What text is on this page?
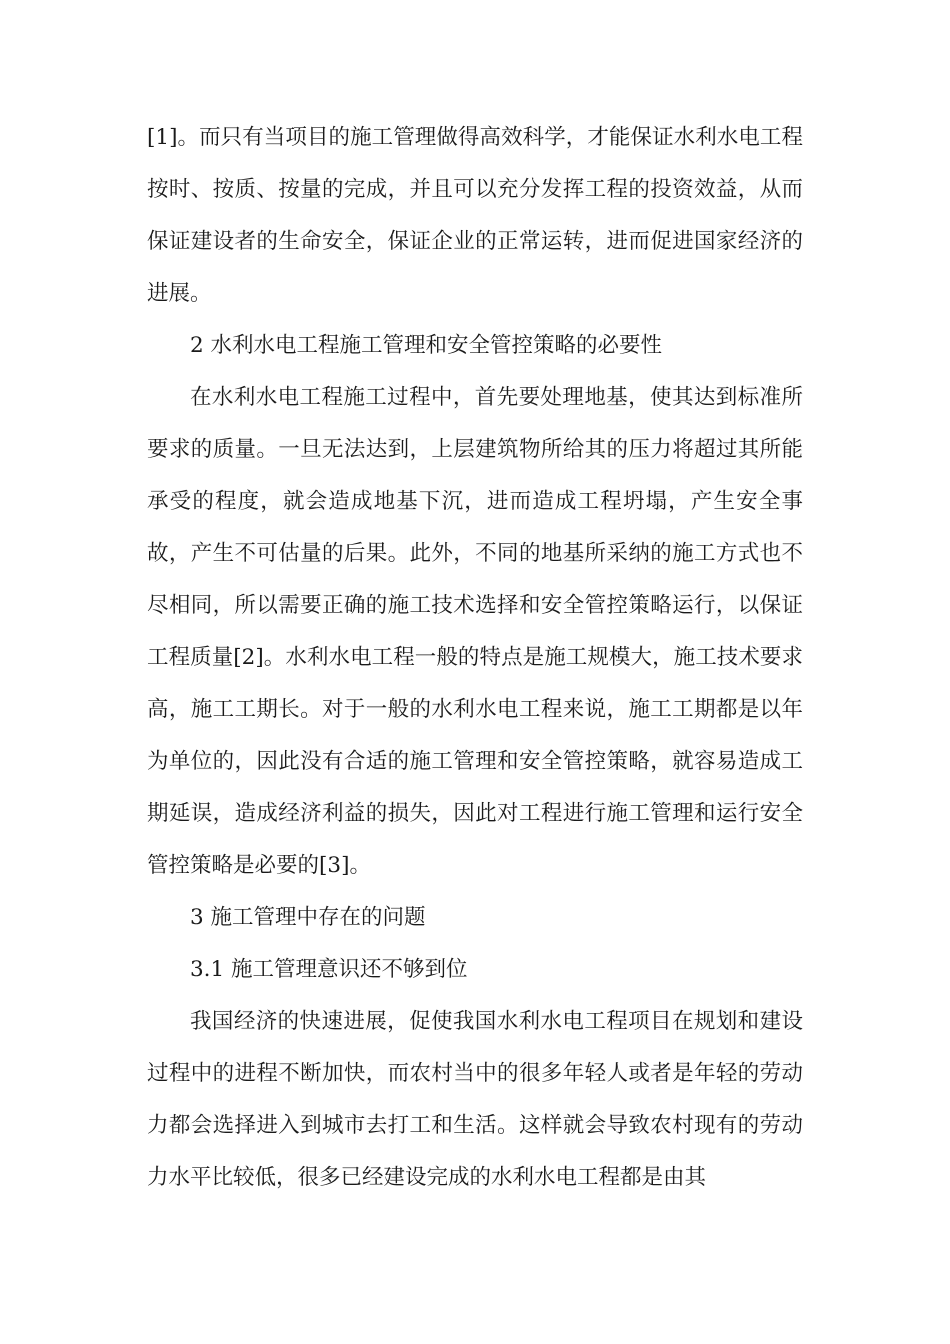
[1]。而只有当项目的施工管理做得高效科学，才能保证水利水电工程按时、按质、按量的完成，并且可以充分发挥工程的投资效益，从而保证建设者的生命安全，保证企业的正常运转，进而促进国家经济的进展。

2 水利水电工程施工管理和安全管控策略的必要性

在水利水电工程施工过程中，首先要处理地基，使其达到标准所要求的质量。一旦无法达到，上层建筑物所给其的压力将超过其所能承受的程度，就会造成地基下沉，进而造成工程坍塌，产生安全事故，产生不可估量的后果。此外，不同的地基所采纳的施工方式也不尽相同，所以需要正确的施工技术选择和安全管控策略运行，以保证工程质量[2]。水利水电工程一般的特点是施工规模大，施工技术要求高，施工工期长。对于一般的水利水电工程来说，施工工期都是以年为单位的，因此没有合适的施工管理和安全管控策略，就容易造成工期延误，造成经济利益的损失，因此对工程进行施工管理和运行安全管控策略是必要的[3]。

3 施工管理中存在的问题

3.1 施工管理意识还不够到位

我国经济的快速进展，促使我国水利水电工程项目在规划和建设过程中的进程不断加快，而农村当中的很多年轻人或者是年轻的劳动力都会选择进入到城市去打工和生活。这样就会导致农村现有的劳动力水平比较低，很多已经建设完成的水利水电工程都是由其
